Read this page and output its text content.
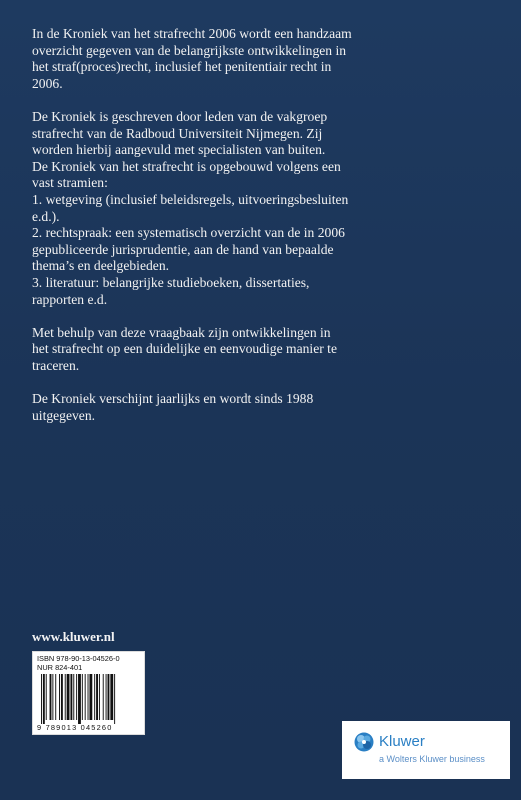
In de Kroniek van het strafrecht 2006 wordt een handzaam
overzicht gegeven van de belangrijkste ontwikkelingen in
het straf(proces)recht, inclusief het penitentiair recht in
2006.

De Kroniek is geschreven door leden van de vakgroep
strafrecht van de Radboud Universiteit Nijmegen. Zij
worden hierbij aangevuld met specialisten van buiten.
De Kroniek van het strafrecht is opgebouwd volgens een
vast stramien:
1. wetgeving (inclusief beleidsregels, uitvoeringsbesluiten
e.d.).
2. rechtspraak: een systematisch overzicht van de in 2006
gepubliceerde jurisprudentie, aan de hand van bepaalde
thema’s en deelgebieden.
3. literatuur: belangrijke studieboeken, dissertaties,
rapporten e.d.

Met behulp van deze vraagbaak zijn ontwikkelingen in
het strafrecht op een duidelijke en eenvoudige manier te
traceren.

De Kroniek verschijnt jaarlijks en wordt sinds 1988
uitgegeven.

www.kluwer.nl
ISBN 978-90-13-04526-0
NUR 824-401
9 789013 045260
Kluwer
a Wolters Kluwer business
